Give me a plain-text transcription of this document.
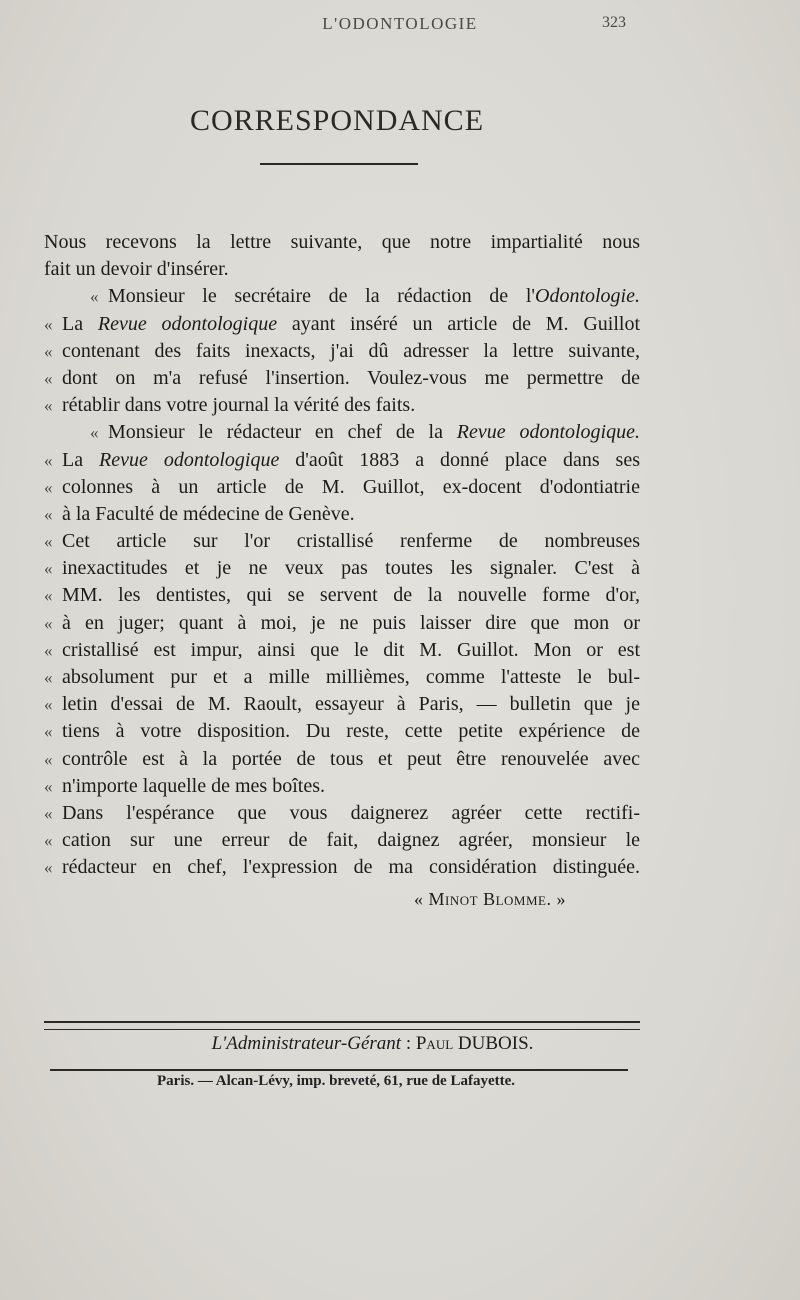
L'ODONTOLOGIE	323
CORRESPONDANCE
Nous recevons la lettre suivante, que notre impartialité nous
fait un devoir d'insérer.
« Monsieur le secrétaire de la rédaction de l'Odontologie.
« La Revue odontologique ayant inséré un article de M. Guillot
« contenant des faits inexacts, j'ai dû adresser la lettre suivante,
« dont on m'a refusé l'insertion. Voulez-vous me permettre de
« rétablir dans votre journal la vérité des faits.
« Monsieur le rédacteur en chef de la Revue odontologique.
« La Revue odontologique d'août 1883 a donné place dans ses
« colonnes à un article de M. Guillot, ex-docent d'odontiatrie
« à la Faculté de médecine de Genève.
« Cet article sur l'or cristallisé renferme de nombreuses
« inexactitudes et je ne veux pas toutes les signaler. C'est à
« MM. les dentistes, qui se servent de la nouvelle forme d'or,
« à en juger; quant à moi, je ne puis laisser dire que mon or
« cristallisé est impur, ainsi que le dit M. Guillot. Mon or est
« absolument pur et a mille millièmes, comme l'atteste le bul-
« letin d'essai de M. Raoult, essayeur à Paris, — bulletin que je
« tiens à votre disposition. Du reste, cette petite expérience de
« contrôle est à la portée de tous et peut être renouvelée avec
« n'importe laquelle de mes boîtes.
« Dans l'espérance que vous daignerez agréer cette rectifi-
« cation sur une erreur de fait, daignez agréer, monsieur le
« rédacteur en chef, l'expression de ma considération distinguée.
« Minot Blomme. »
L'Administrateur-Gérant : Paul DUBOIS.
Paris. — Alcan-Lévy, imp. breveté, 61, rue de Lafayette.
